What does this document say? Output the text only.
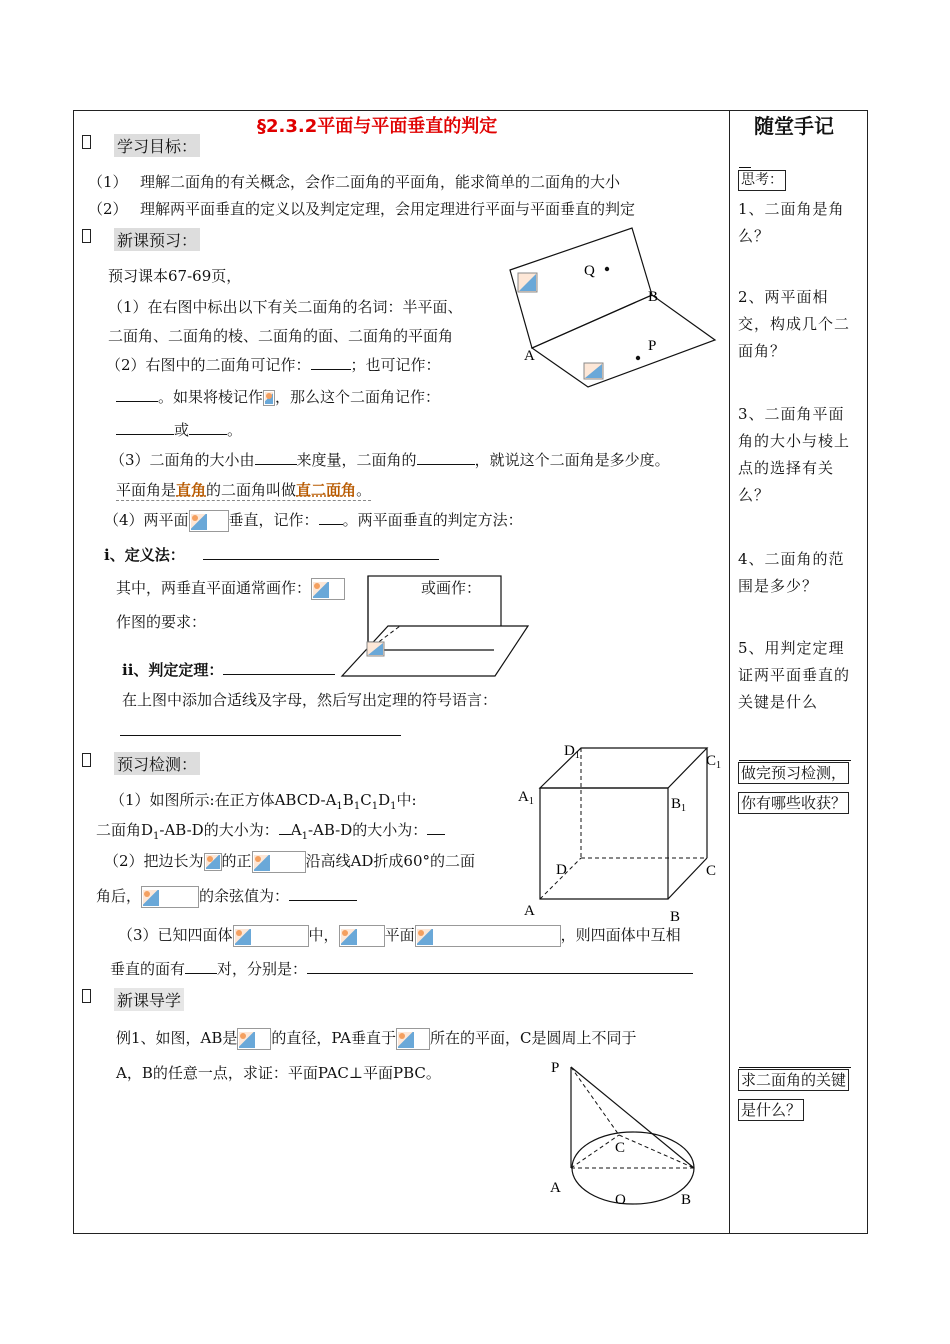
§2.3.2平面与平面垂直的判定	随堂手记
学习目标：
（1） 理解二面角的有关概念，会作二面角的平面角，能求简单的二面角的大小
（2） 理解两平面垂直的定义以及判定定理，会用定理进行平面与平面垂直的判定
新课预习：
预习课本67-69页，
（1）在右图中标出以下有关二面角的名词：半平面、
二面角、二面角的棱、二面角的面、二面角的平面角
（2）右图中的二面角可记作：	；也可记作：
。如果将棱记作 ，那么这个二面角记作：
或	。
（3）二面角的大小由	来度量，二面角的	，就说这个二面角是多少度。
平面角是直角的二面角叫做直二面角。
（4）两平面	垂直，记作： 。两平面垂直的判定方法：
i、定义法：
其中，两垂直平面通常画作：	或画作：
作图的要求：
ii、判定定理：
在上图中添加合适线及字母，然后写出定理的符号语言：
Q
B
A
P
预习检测：
（1）如图所示:在正方体ABCD-$A_1B_1C_1D_1$中:
二面角$D_1-AB-D$的大小为： $A_1-AB-D$的大小为：
（2）把边长为 的正	沿高线AD折成60°的二面
角后，	的余弦值为：
（3）已知四面体	中，	平面	，则四面体中互相
垂直的面有 对，分别是：
$D_1$	$C_1$
$A_1$	$B_1$
D	C
A	B
新课导学
例1、如图，AB是 的直径，PA垂直于 所在的平面，C是圆周上不同于
A，B的任意一点，求证：平面PAC⊥平面PBC。	P
C
A
O	B
思考：
1、二面角是角么？
2、两平面相交，构成几个二面角？
3、二面角平面角的大小与棱上点的选择有关么？
4、二面角的范围是多少？
5、用判定定理证两平面垂直的关键是什么
做完预习检测，
你有哪些收获？
求二面角的关键
是什么？
